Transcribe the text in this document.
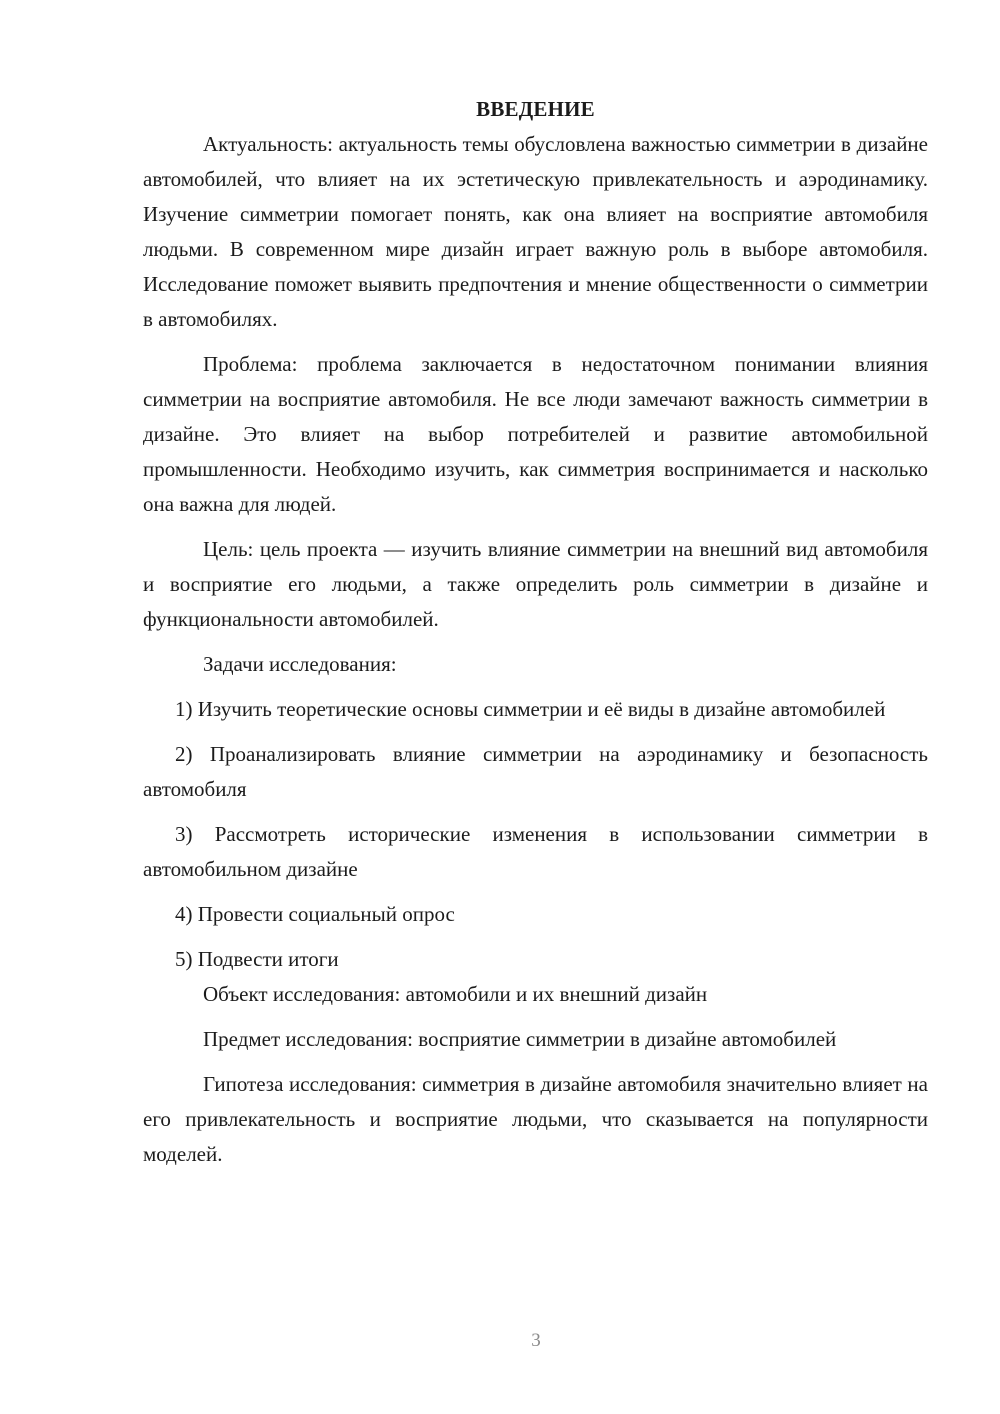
ВВЕДЕНИЕ

Актуальность: актуальность темы обусловлена важностью симметрии в дизайне автомобилей, что влияет на их эстетическую привлекательность и аэродинамику. Изучение симметрии помогает понять, как она влияет на восприятие автомобиля людьми. В современном мире дизайн играет важную роль в выборе автомобиля. Исследование поможет выявить предпочтения и мнение общественности о симметрии в автомобилях.

Проблема: проблема заключается в недостаточном понимании влияния симметрии на восприятие автомобиля. Не все люди замечают важность симметрии в дизайне. Это влияет на выбор потребителей и развитие автомобильной промышленности. Необходимо изучить, как симметрия воспринимается и насколько она важна для людей.

Цель: цель проекта — изучить влияние симметрии на внешний вид автомобиля и восприятие его людьми, а также определить роль симметрии в дизайне и функциональности автомобилей.

Задачи исследования:

1) Изучить теоретические основы симметрии и её виды в дизайне автомобилей

2) Проанализировать влияние симметрии на аэродинамику и безопасность автомобиля

3) Рассмотреть исторические изменения в использовании симметрии в автомобильном дизайне

4) Провести социальный опрос

5) Подвести итоги

Объект исследования: автомобили и их внешний дизайн

Предмет исследования: восприятие симметрии в дизайне автомобилей

Гипотеза исследования: симметрия в дизайне автомобиля значительно влияет на его привлекательность и восприятие людьми, что сказывается на популярности моделей.

3
